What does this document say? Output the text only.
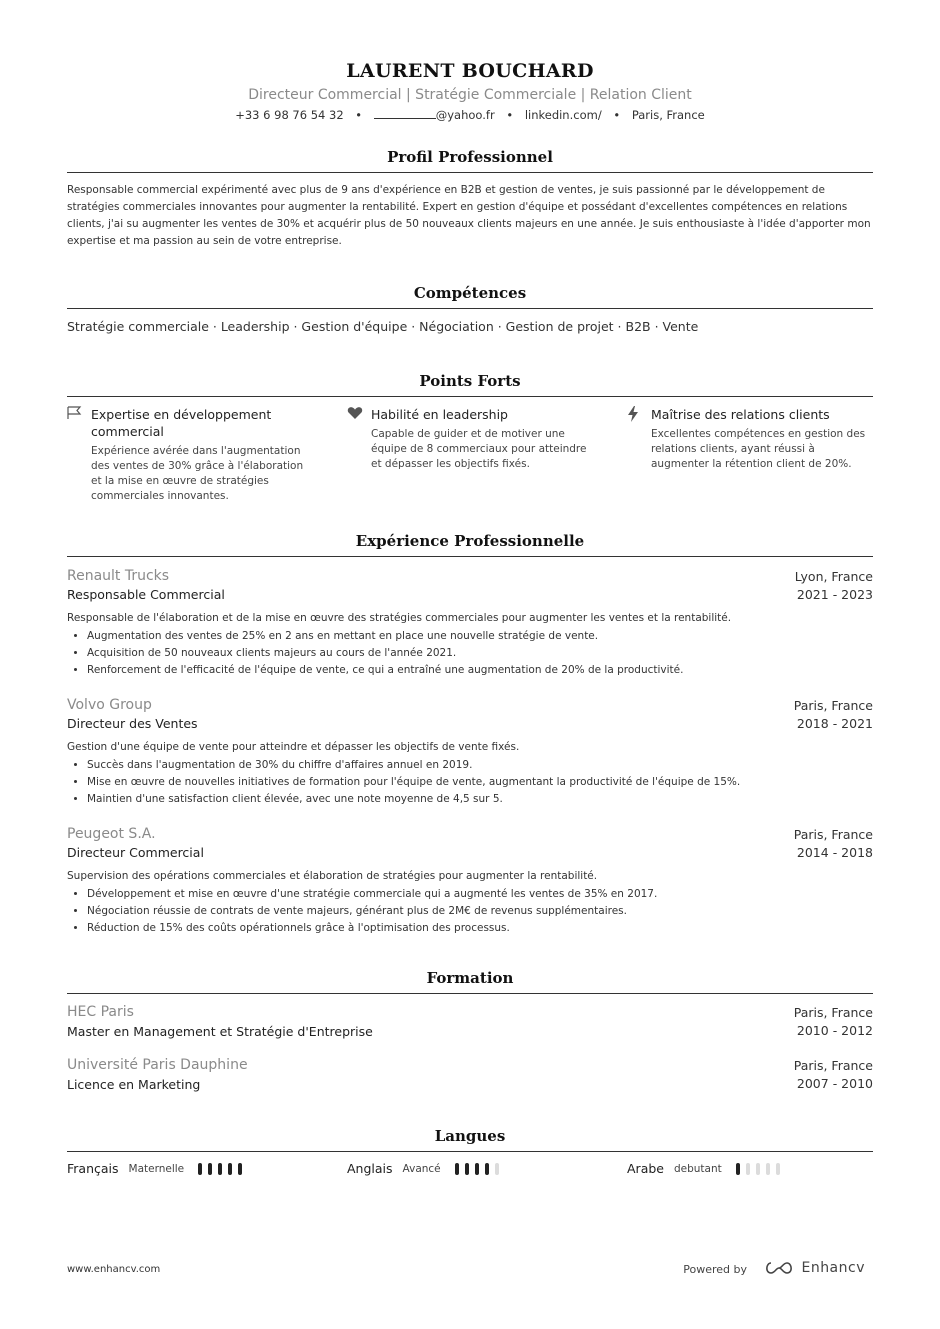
LAURENT BOUCHARD
Directeur Commercial | Stratégie Commerciale | Relation Client
+33 6 98 76 54 32 •	@yahoo.fr • linkedin.com/ • Paris, France
Profil Professionnel
Responsable commercial expérimenté avec plus de 9 ans d'expérience en B2B et gestion de ventes, je suis passionné par le développement de stratégies commerciales innovantes pour augmenter la rentabilité. Expert en gestion d'équipe et possédant d'excellentes compétences en relations clients, j'ai su augmenter les ventes de 30% et acquérir plus de 50 nouveaux clients majeurs en une année. Je suis enthousiaste à l'idée d'apporter mon expertise et ma passion au sein de votre entreprise.
Compétences
Stratégie commerciale · Leadership · Gestion d'équipe · Négociation · Gestion de projet · B2B · Vente
Points Forts
Expertise en développement commercial
Expérience avérée dans l'augmentation des ventes de 30% grâce à l'élaboration et la mise en œuvre de stratégies commerciales innovantes.
Habilité en leadership
Capable de guider et de motiver une équipe de 8 commerciaux pour atteindre et dépasser les objectifs fixés.
Maîtrise des relations clients
Excellentes compétences en gestion des relations clients, ayant réussi à augmenter la rétention client de 20%.
Expérience Professionnelle
Renault Trucks	Lyon, France
Responsable Commercial	2021 - 2023
Responsable de l'élaboration et de la mise en œuvre des stratégies commerciales pour augmenter les ventes et la rentabilité.
• Augmentation des ventes de 25% en 2 ans en mettant en place une nouvelle stratégie de vente.
• Acquisition de 50 nouveaux clients majeurs au cours de l'année 2021.
• Renforcement de l'efficacité de l'équipe de vente, ce qui a entraîné une augmentation de 20% de la productivité.
Volvo Group	Paris, France
Directeur des Ventes	2018 - 2021
Gestion d'une équipe de vente pour atteindre et dépasser les objectifs de vente fixés.
• Succès dans l'augmentation de 30% du chiffre d'affaires annuel en 2019.
• Mise en œuvre de nouvelles initiatives de formation pour l'équipe de vente, augmentant la productivité de l'équipe de 15%.
• Maintien d'une satisfaction client élevée, avec une note moyenne de 4,5 sur 5.
Peugeot S.A.	Paris, France
Directeur Commercial	2014 - 2018
Supervision des opérations commerciales et élaboration de stratégies pour augmenter la rentabilité.
• Développement et mise en œuvre d'une stratégie commerciale qui a augmenté les ventes de 35% en 2017.
• Négociation réussie de contrats de vente majeurs, générant plus de 2M€ de revenus supplémentaires.
• Réduction de 15% des coûts opérationnels grâce à l'optimisation des processus.
Formation
HEC Paris	Paris, France
Master en Management et Stratégie d'Entreprise	2010 - 2012
Université Paris Dauphine	Paris, France
Licence en Marketing	2007 - 2010
Langues
Français Maternelle	Anglais Avancé	Arabe debutant
www.enhancv.com	Powered by	Enhancv
